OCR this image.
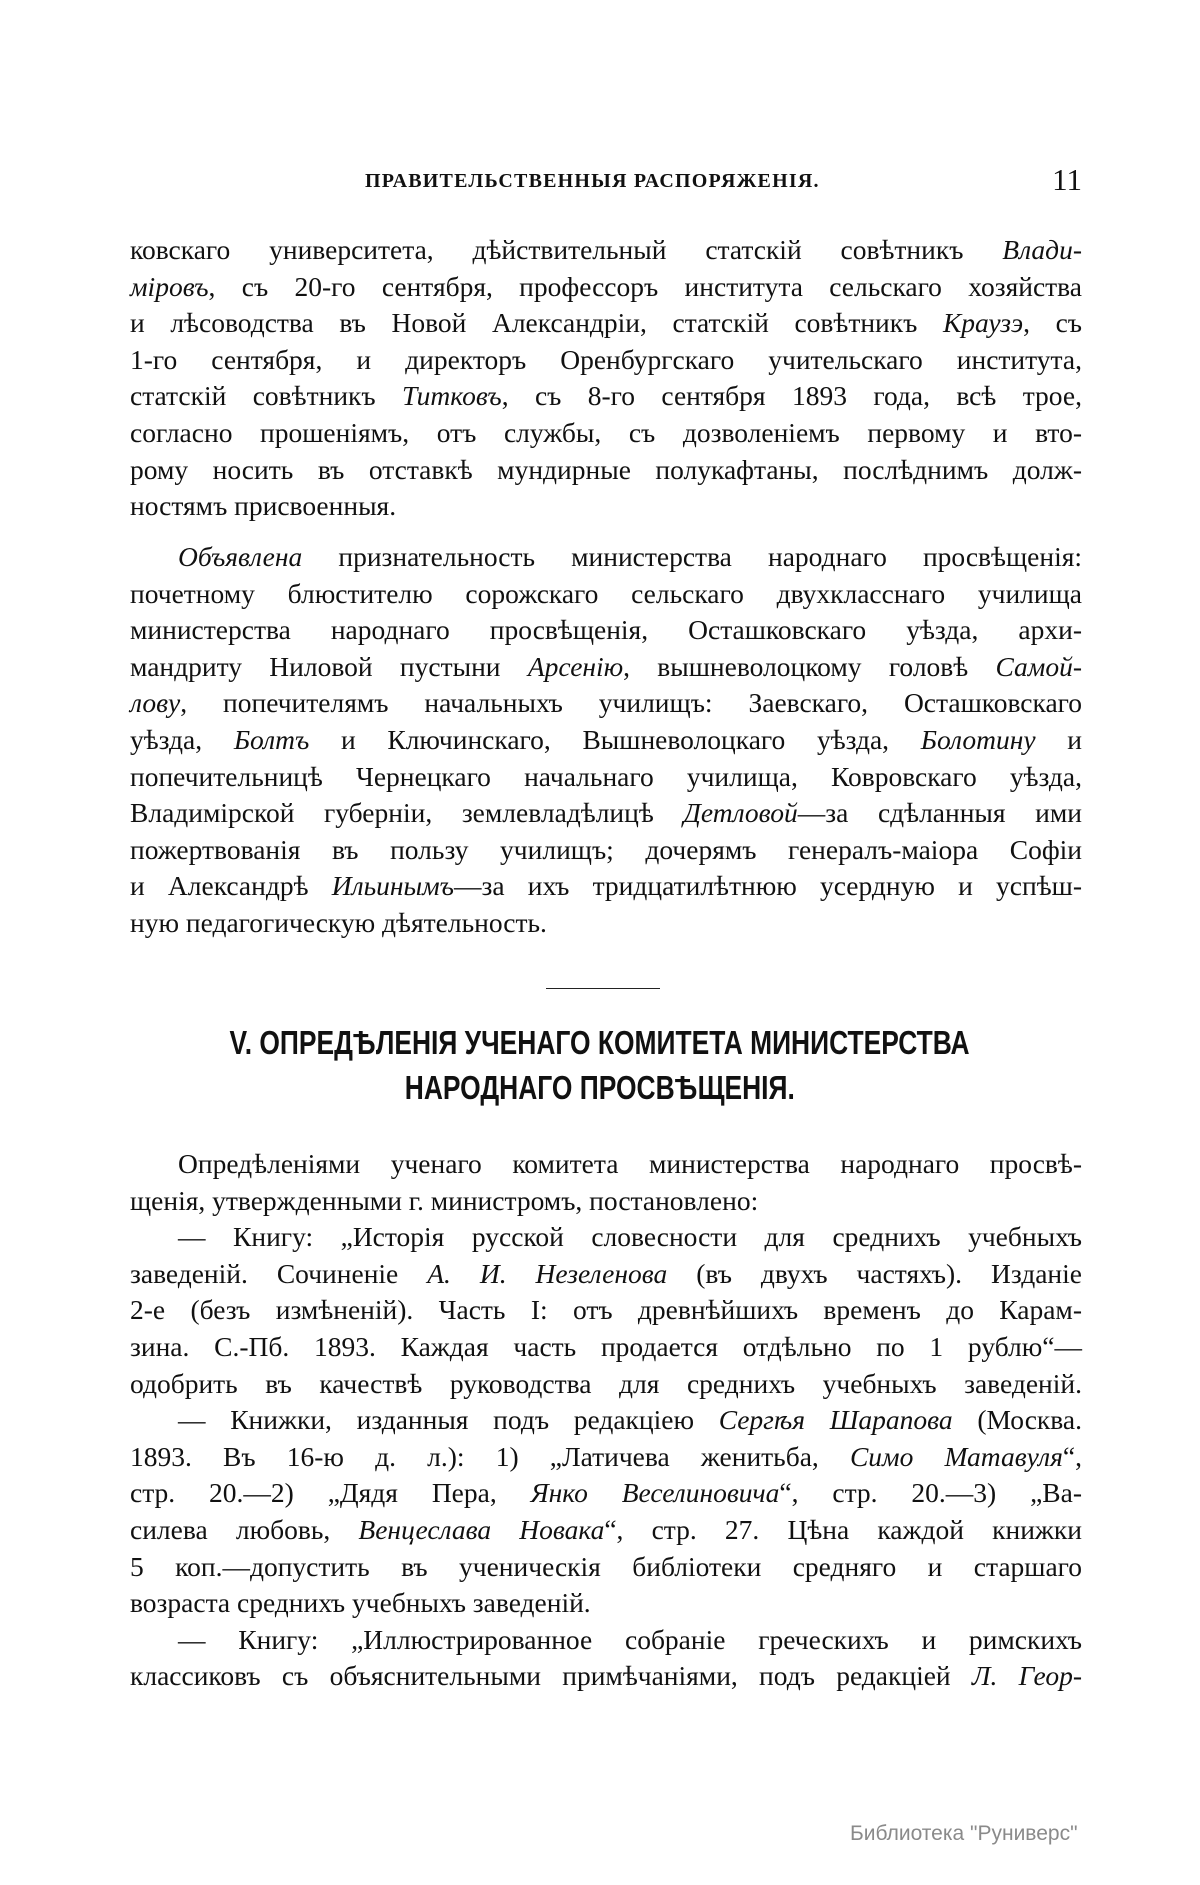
ПРАВИТЕЛЬСТВЕННЫЯ РАСПОРЯЖЕНІЯ.	11
ковскаго университета, дѣйствительный статскій совѣтникъ Влади-
міровъ, съ 20-го сентября, профессоръ института сельскаго хозяйства
и лѣсоводства въ Новой Александріи, статскій совѣтникъ Краузэ, съ
1-го сентября, и директоръ Оренбургскаго учительскаго института,
статскій совѣтникъ Титковъ, съ 8-го сентября 1893 года, всѣ трое,
согласно прошеніямъ, отъ службы, съ дозволеніемъ первому и вто-
рому носить въ отставкѣ мундирные полукафтаны, послѣднимъ долж-
ностямъ присвоенныя.
Объявлена признательность министерства народнаго просвѣщенія:
почетному блюстителю сорожскаго сельскаго двухкласснаго училища
министерства народнаго просвѣщенія, Осташковскаго уѣзда, архи-
мандриту Ниловой пустыни Арсенію, вышневолоцкому головѣ Самой-
лову, попечителямъ начальныхъ училищъ: Заевскаго, Осташковскаго
уѣзда, Болтъ и Ключинскаго, Вышневолоцкаго уѣзда, Болотину и
попечительницѣ Чернецкаго начальнаго училища, Ковровскаго уѣзда,
Владимірской губерніи, землевладѣлицѣ Детловой—за сдѣланныя ими
пожертвованія въ пользу училищъ; дочерямъ генералъ-маіора Софіи
и Александрѣ Ильинымъ—за ихъ тридцатилѣтнюю усердную и успѣш-
ную педагогическую дѣятельность.
V. ОПРЕДѢЛЕНІЯ УЧЕНАГО КОМИТЕТА МИНИСТЕРСТВА
НАРОДНАГО ПРОСВѢЩЕНІЯ.
Опредѣленіями ученаго комитета министерства народнаго просвѣ-
щенія, утвержденными г. министромъ, постановлено:
— Книгу: „Исторія русской словесности для среднихъ учебныхъ
заведеній. Сочиненіе А. И. Незеленова (въ двухъ частяхъ). Изданіе
2-е (безъ измѣненій). Часть I: отъ древнѣйшихъ временъ до Карам-
зина. С.-Пб. 1893. Каждая часть продается отдѣльно по 1 рублю“—
одобрить въ качествѣ руководства для среднихъ учебныхъ заведеній.
— Книжки, изданныя подъ редакціею Сергѣя Шарапова (Москва.
1893. Въ 16-ю д. л.): 1) „Латичева женитьба, Симо Матавуля“,
стр. 20.—2) „Дядя Пера, Янко Веселиновича“, стр. 20.—3) „Ва-
силева любовь, Венцеслава Новака“, стр. 27. Цѣна каждой книжки
5 коп.—допустить въ ученическія библіотеки средняго и старшаго
возраста среднихъ учебныхъ заведеній.
— Книгу: „Иллюстрированное собраніе греческихъ и римскихъ
классиковъ съ объяснительными примѣчаніями, подъ редакціей Л. Геор-
Библиотека "Руниверс"
